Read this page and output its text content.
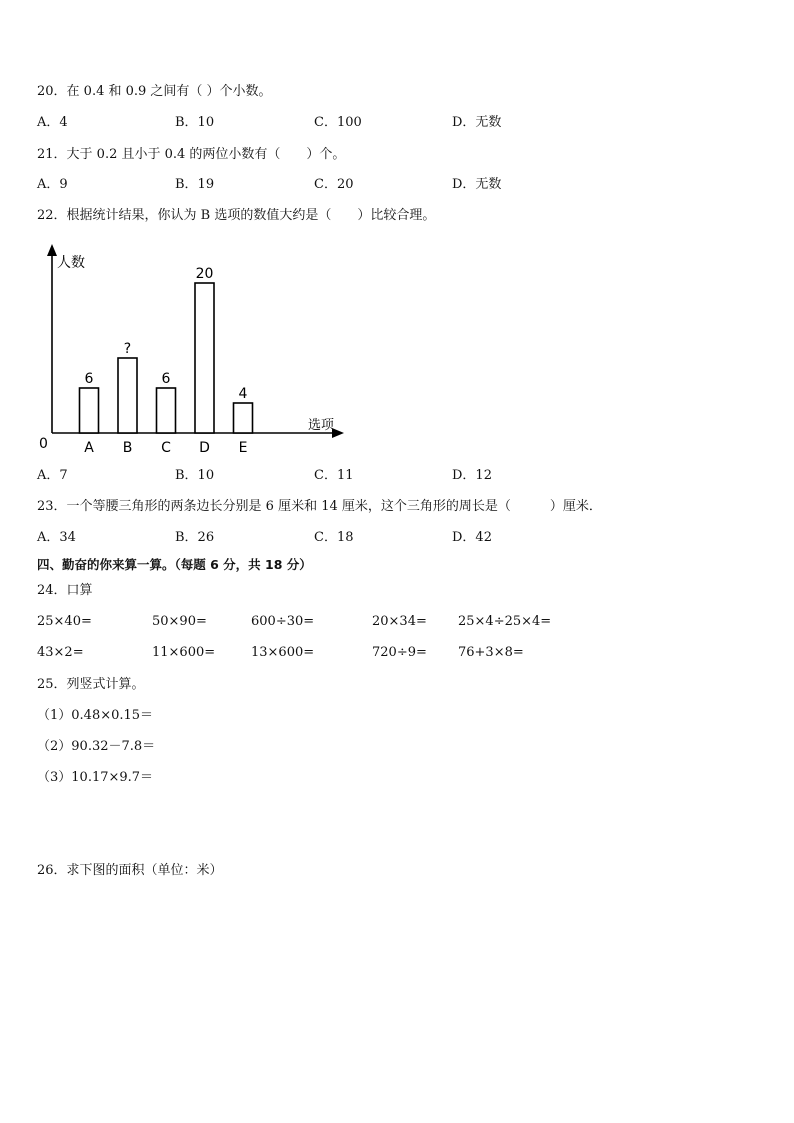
20．在 0.4 和 0.9 之间有（ ）个小数。
A．4	B．10	C．100	D．无数
21．大于 0.2 且小于 0.4 的两位小数有（　　）个。
A．9	B．19	C．20	D．无数
22．根据统计结果，你认为 B 选项的数值大约是（　　）比较合理。
人数
选项
0
6
A
?
B
6
C
20
D
4
E
A．7	B．10	C．11	D．12
23．一个等腰三角形的两条边长分别是 6 厘米和 14 厘米，这个三角形的周长是（　　　）厘米．
A．34	B．26	C．18	D．42
四、勤奋的你来算一算。（每题 6 分，共 18 分）
24．口算
25×40=	50×90=	600÷30=	20×34= 25×4÷25×4=
43×2=	11×600=	13×600=	720÷9= 76+3×8=
25．列竖式计算。
（1）0.48×0.15＝
（2）90.32－7.8＝
（3）10.17×9.7＝
26．求下图的面积（单位：米）
